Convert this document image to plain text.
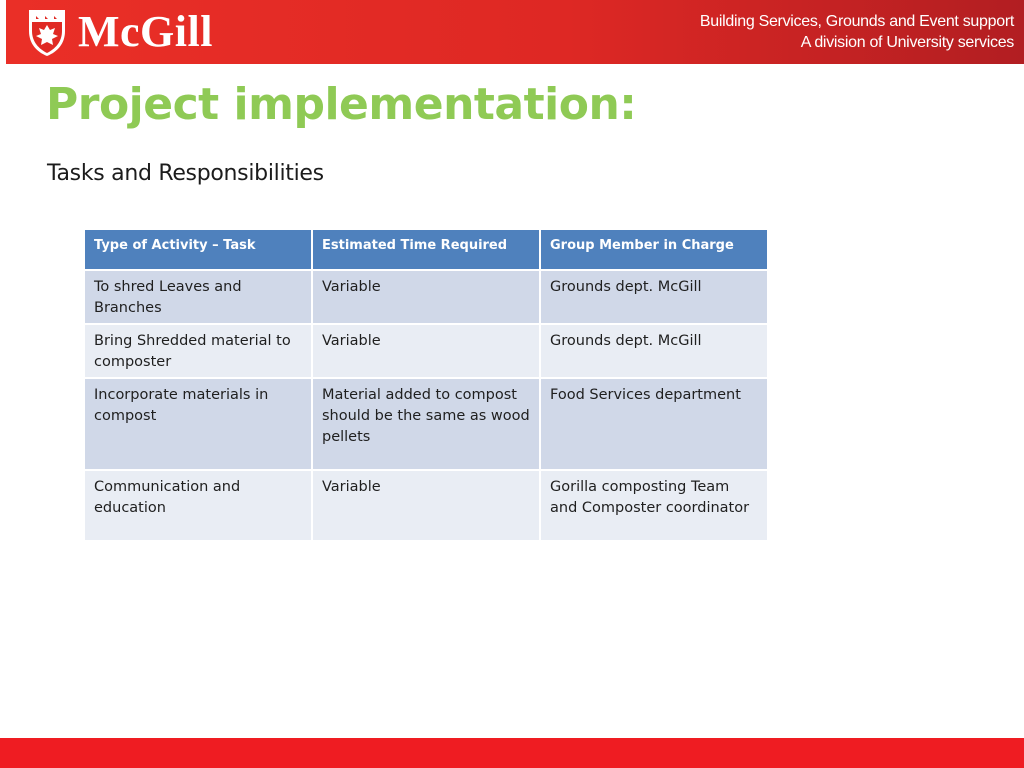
McGill	Building Services, Grounds and Event support
A division of University services
Project implementation:
Tasks and Responsibilities
Type of Activity – Task	Estimated Time Required	Group Member in Charge
To shred Leaves and Branches	Variable	Grounds dept. McGill
Bring Shredded material to composter	Variable	Grounds dept. McGill
Incorporate materials in compost	Material added to compost should be the same as wood pellets	Food Services department
Communication and education	Variable	Gorilla composting Team and Composter coordinator
